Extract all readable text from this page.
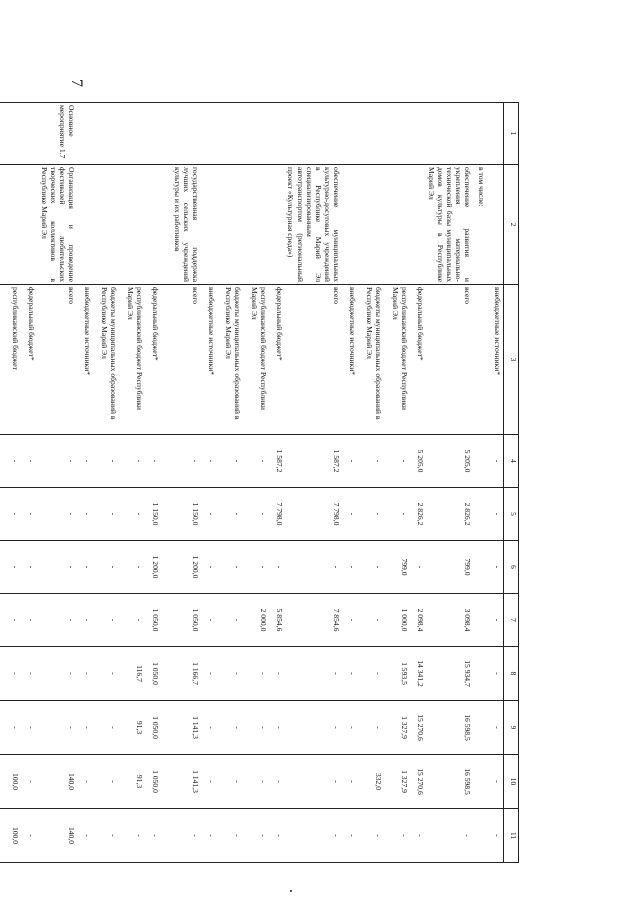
7
1	2	3	4	5	6	7	8	9	10	11
		внебюджетные источники*	-	-	-	-	-	-	-	-
	в том числе:									
	обеспечение развития и укрепления материально-технической базы муниципальных домов культуры в Республике Марий Эл	всего	5 205,0	2 826,2	799,0	3 098,4	15 934,7	16 598,5	16 598,5	-
		федеральный бюджет*	5 205,0	2 826,2	-	2 098,4	14 341,2	15 270,6	15 270,6	-
		республиканский бюджет Республики Марий Эл	-	-	799,0	1 000,0	1 593,5	1 327,9	1 327,9	-
		бюджеты муниципальных образований в Республике Марий Эл	-	-	-	-	-	-	332,0	-
		внебюджетные источники*	-	-	-	-	-	-	-	-
	обеспечение муниципальных культурно-досуговых учреждений в Республике Марий Эл специализированным автотранспортом (региональный проект «Культурная среда»)	всего	1 587,2	7 798,0	-	7 854,6	-	-	-	-
		федеральный бюджет*	1 587,2	7 798,0	-	5 854,6	-	-	-	-
		республиканский бюджет Республики Марий Эл	-	-	-	2 000,0	-	-	-	-
		бюджеты муниципальных образований в Республике Марий Эл	-	-	-	-	-	-	-	-
		внебюджетные источники*	-	-	-	-	-	-	-	-
	государственная поддержка лучших сельских учреждений культуры и их работников	всего	-	1 150,0	1 200,0	1 050,0	1 166,7	1 141,3	1 141,3	-
		федеральный бюджет*	-	1 150,0	1 200,0	1 050,0	1 050,0	1 050,0	1 050,0	-
		республиканский бюджет Республики Марий Эл	-	-	-	-	116,7	91,3	91,3	-
		бюджеты муниципальных образований в Республике Марий Эл	-	-	-	-	-	-	-	-
		внебюджетные источники*	-	-	-	-	-	-	-	-
Основное мероприятие 1.7	Организация и проведение фестивалей любительских творческих коллективов в Республике Марий Эл	всего	-	-	-	-	-	-	140,0	140,0
		федеральный бюджет*	-	-	-	-	-	-	-	-
		республиканский бюджет	-	-	-	-	-	-	100,0	100,0
